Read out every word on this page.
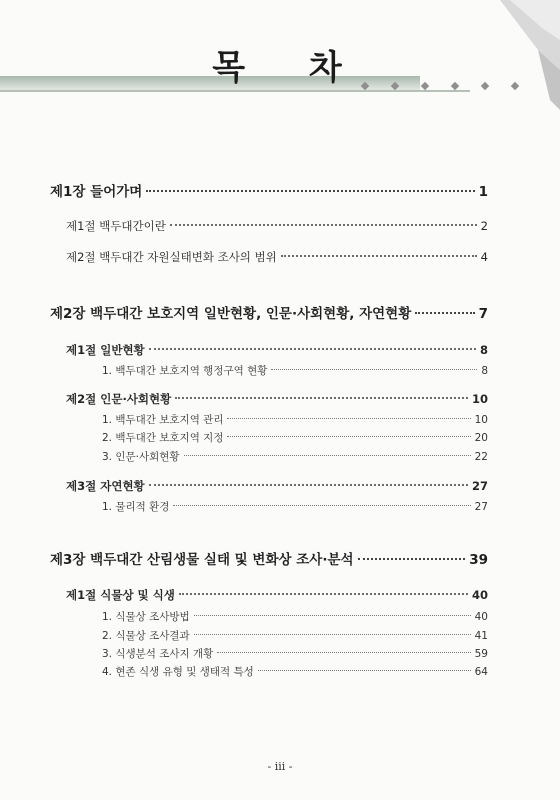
목 차
제1장 들어가며	1
제1절 백두대간이란	2
제2절 백두대간 자원실태변화 조사의 범위	4
제2장 백두대간 보호지역 일반현황, 인문·사회현황, 자연현황	7
제1절 일반현황	8
1. 백두대간 보호지역 행정구역 현황	8
제2절 인문·사회현황	10
1. 백두대간 보호지역 관리	10
2. 백두대간 보호지역 지정	20
3. 인문·사회현황	22
제3절 자연현황	27
1. 물리적 환경	27
제3장 백두대간 산림생물 실태 및 변화상 조사·분석	39
제1절 식물상 및 식생	40
1. 식물상 조사방법	40
2. 식물상 조사결과	41
3. 식생분석 조사지 개황	59
4. 현존 식생 유형 및 생태적 특성	64
- iii -
